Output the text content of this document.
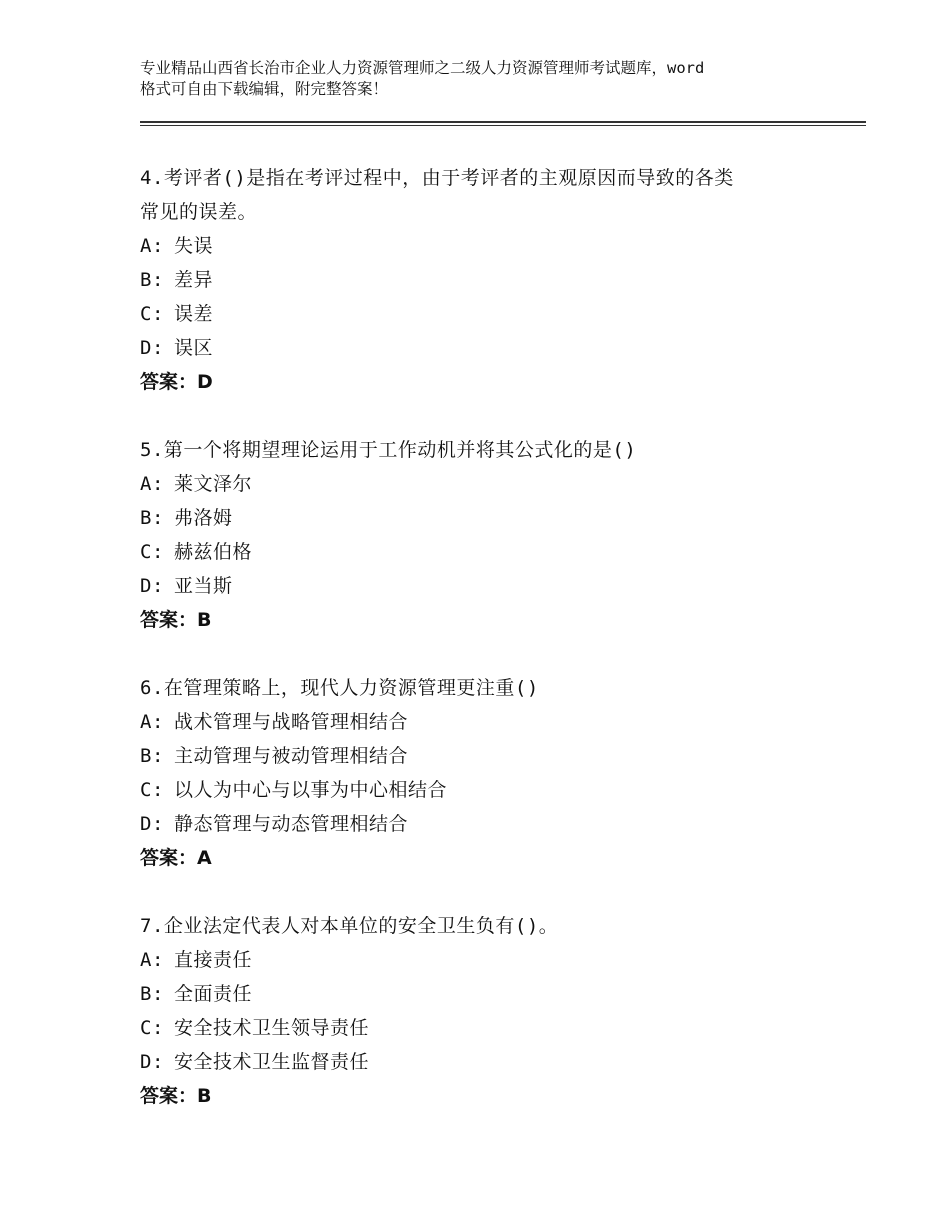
专业精品山西省长治市企业人力资源管理师之二级人力资源管理师考试题库，word
格式可自由下载编辑，附完整答案！
4.考评者()是指在考评过程中，由于考评者的主观原因而导致的各类
常见的误差。
A: 失误
B: 差异
C: 误差
D: 误区
答案：D
5.第一个将期望理论运用于工作动机并将其公式化的是()
A: 莱文泽尔
B: 弗洛姆
C: 赫兹伯格
D: 亚当斯
答案：B
6.在管理策略上，现代人力资源管理更注重()
A: 战术管理与战略管理相结合
B: 主动管理与被动管理相结合
C: 以人为中心与以事为中心相结合
D: 静态管理与动态管理相结合
答案：A
7.企业法定代表人对本单位的安全卫生负有()。
A: 直接责任
B: 全面责任
C: 安全技术卫生领导责任
D: 安全技术卫生监督责任
答案：B
